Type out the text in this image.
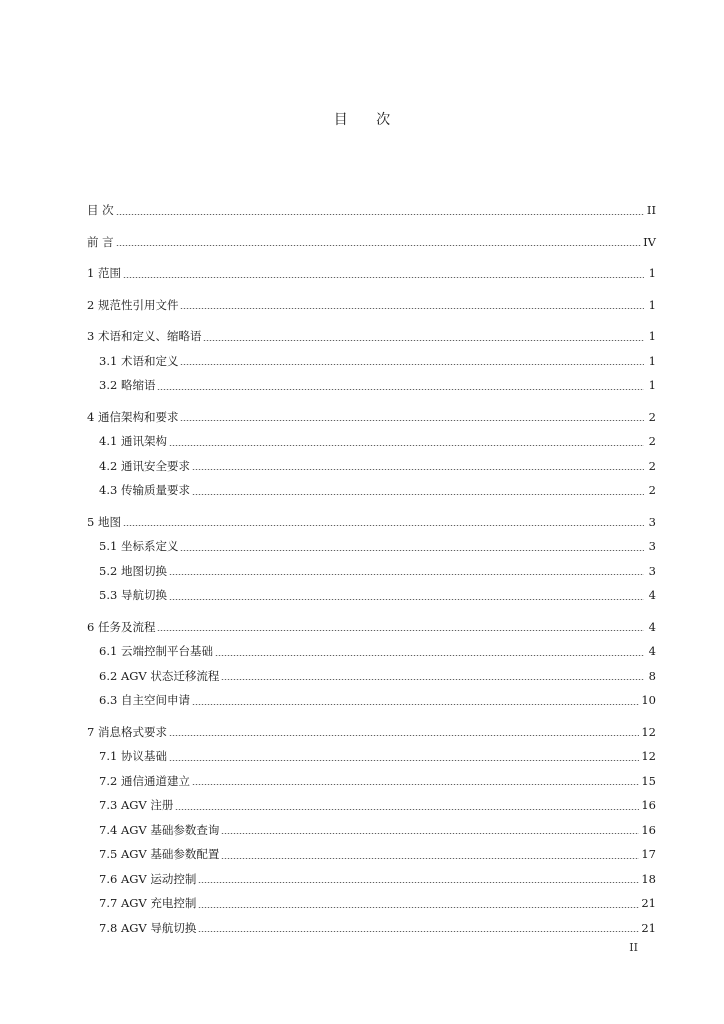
目 次
目 次	II
前 言	IV
1 范围	1
2 规范性引用文件	1
3 术语和定义、缩略语	1
3.1 术语和定义	1
3.2 略缩语	1
4 通信架构和要求	2
4.1 通讯架构	2
4.2 通讯安全要求	2
4.3 传输质量要求	2
5 地图	3
5.1 坐标系定义	3
5.2 地图切换	3
5.3 导航切换	4
6 任务及流程	4
6.1 云端控制平台基础	4
6.2 AGV 状态迁移流程	8
6.3 自主空间申请	10
7 消息格式要求	12
7.1 协议基础	12
7.2 通信通道建立	15
7.3 AGV 注册	16
7.4 AGV 基础参数查询	16
7.5 AGV 基础参数配置	17
7.6 AGV 运动控制	18
7.7 AGV 充电控制	21
7.8 AGV 导航切换	21
II
